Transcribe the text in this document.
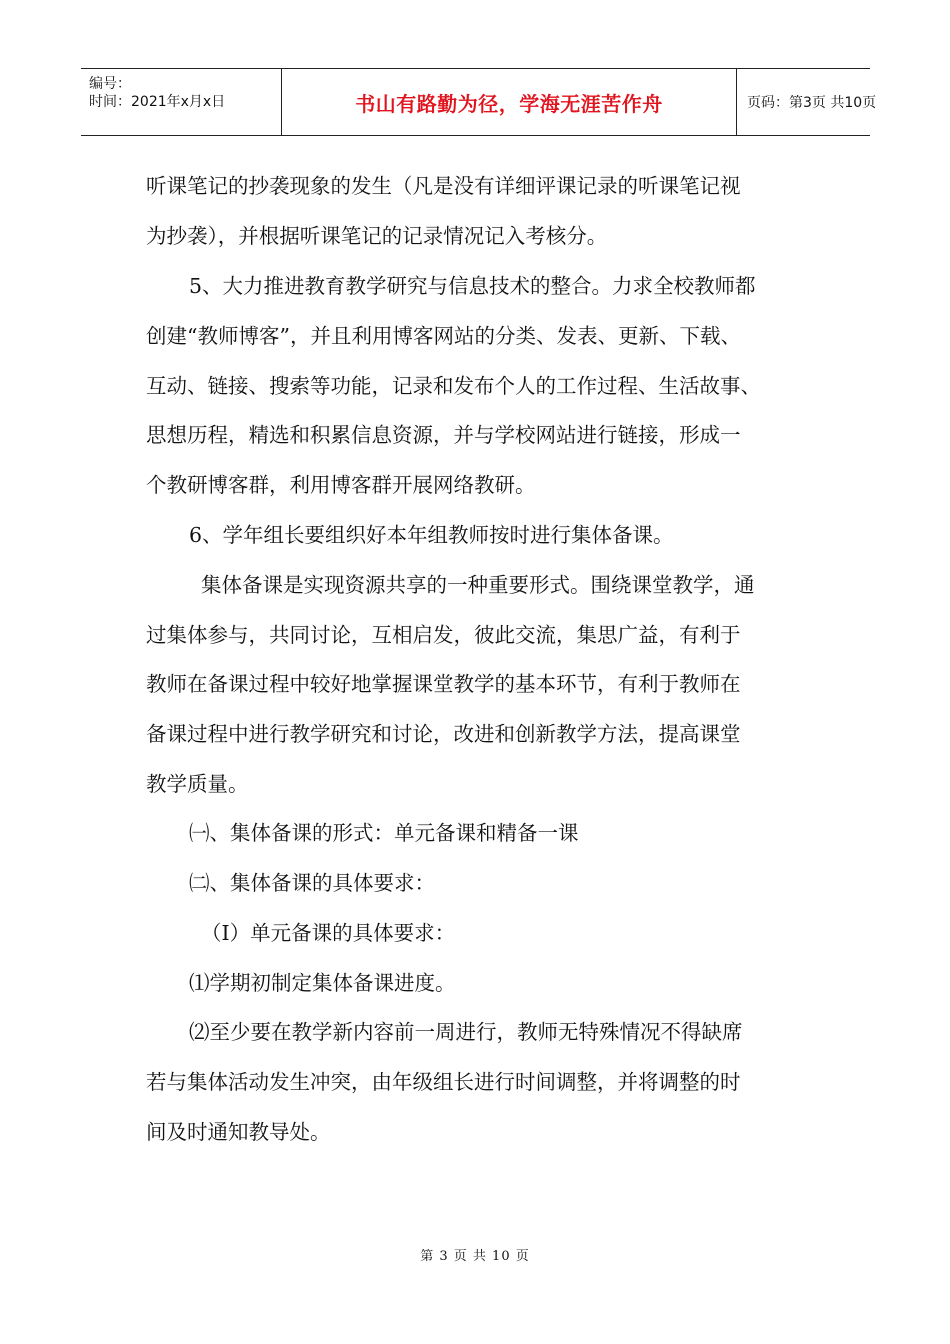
编号：
时间：2021年x月x日	书山有路勤为径，学海无涯苦作舟	页码：第3页 共10页
听课笔记的抄袭现象的发生（凡是没有详细评课记录的听课笔记视
为抄袭），并根据听课笔记的记录情况记入考核分。
5、大力推进教育教学研究与信息技术的整合。力求全校教师都
创建“教师博客”，并且利用博客网站的分类、发表、更新、下载、
互动、链接、搜索等功能，记录和发布个人的工作过程、生活故事、
思想历程，精选和积累信息资源，并与学校网站进行链接，形成一
个教研博客群，利用博客群开展网络教研。
6、学年组长要组织好本年组教师按时进行集体备课。
集体备课是实现资源共享的一种重要形式。围绕课堂教学，通
过集体参与，共同讨论，互相启发，彼此交流，集思广益，有利于
教师在备课过程中较好地掌握课堂教学的基本环节，有利于教师在
备课过程中进行教学研究和讨论，改进和创新教学方法，提高课堂
教学质量。
㈠、集体备课的形式：单元备课和精备一课
㈡、集体备课的具体要求：
（Ⅰ）单元备课的具体要求：
⑴学期初制定集体备课进度。
⑵至少要在教学新内容前一周进行，教师无特殊情况不得缺席
若与集体活动发生冲突，由年级组长进行时间调整，并将调整的时
间及时通知教导处。
第 3 页 共 10 页
